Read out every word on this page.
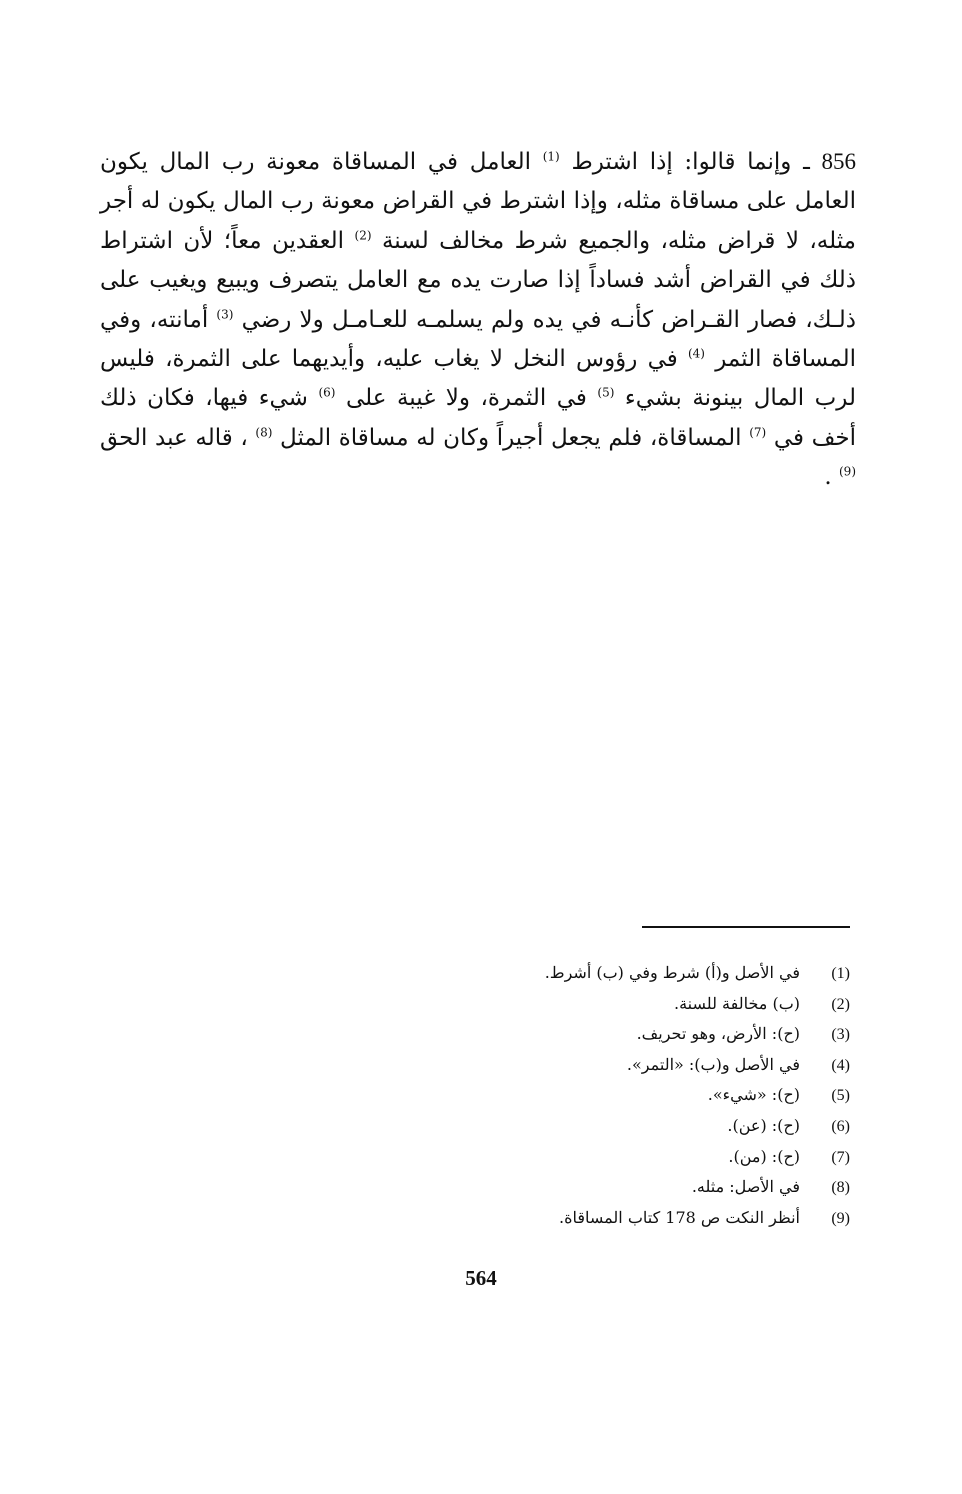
856 ـ وإنما قالوا: إذا اشترط $^{(1)}$ العامل في المساقاة معونة رب المال يكون العامل على مساقاة مثله، وإذا اشترط في القراض معونة رب المال يكون له أجر مثله، لا قراض مثله، والجميع شرط مخالف لسنة $^{(2)}$ العقدين معاً؛ لأن اشتراط ذلك في القراض أشد فساداً إذا صارت يده مع العامل يتصرف ويبيع ويغيب على ذلـك، فصار القـراض كأنـه في يده ولم يسلمـه للعـامـل ولا رضي $^{(3)}$ أمانته، وفي المساقاة الثمر $^{(4)}$ في رؤوس النخل لا يغاب عليه، وأيديهما على الثمرة، فليس لرب المال بينونة بشيء $^{(5)}$ في الثمرة، ولا غيبة على $^{(6)}$ شيء فيها، فكان ذلك أخف في $^{(7)}$ المساقاة، فلم يجعل أجيراً وكان له مساقاة المثل $^{(8)}$ ، قاله عبد الحق $^{(9)}$ .
(1)في الأصل و(أ) شرط وفي (ب) أشرط.
(2)(ب) مخالفة للسنة.
(3)(ح): الأرض، وهو تحريف.
(4)في الأصل و(ب): «التمر».
(5)(ح): «شيء».
(6)(ح): (عن).
(7)(ح): (من).
(8)في الأصل: مثله.
(9)أنظر النكت ص 178 كتاب المساقاة.
564
